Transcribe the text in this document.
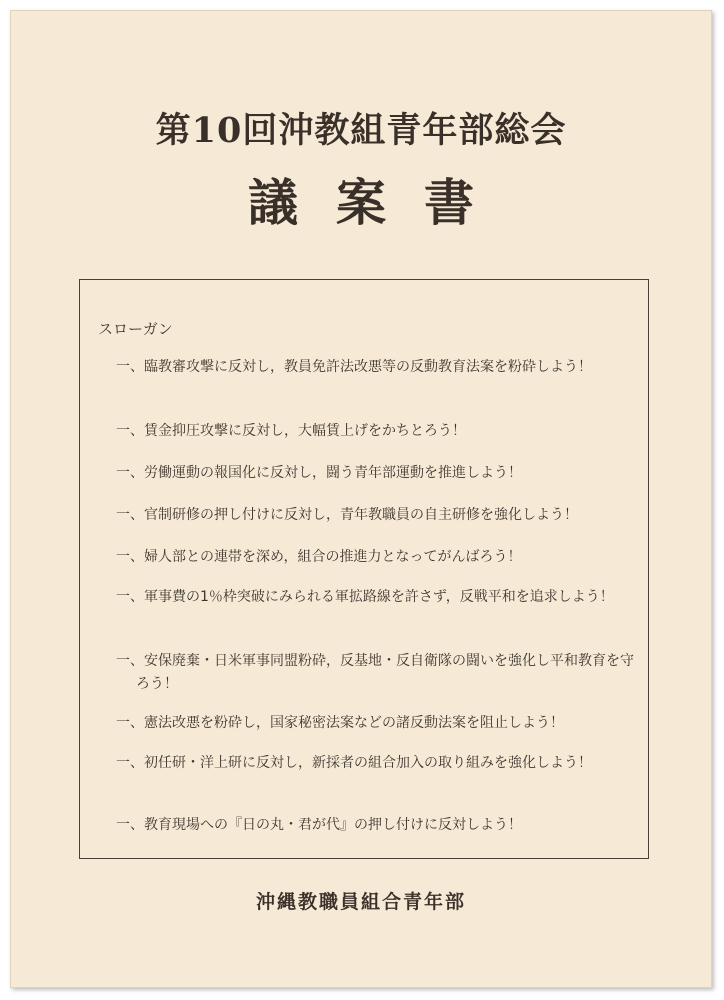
第10回沖教組青年部総会
議案書
スローガン
一、臨教審攻撃に反対し，教員免許法改悪等の反動教育法案を粉砕しよう！
一、賃金抑圧攻撃に反対し，大幅賃上げをかちとろう！
一、労働運動の報国化に反対し，闘う青年部運動を推進しよう！
一、官制研修の押し付けに反対し，青年教職員の自主研修を強化しよう！
一、婦人部との連帯を深め，組合の推進力となってがんばろう！
一、軍事費の1％枠突破にみられる軍拡路線を許さず，反戦平和を追求しよう！
一、安保廃棄・日米軍事同盟粉砕，反基地・反自衛隊の闘いを強化し平和教育を守ろう！
一、憲法改悪を粉砕し，国家秘密法案などの諸反動法案を阻止しよう！
一、初任研・洋上研に反対し，新採者の組合加入の取り組みを強化しよう！
一、教育現場への『日の丸・君が代』の押し付けに反対しよう！
沖縄教職員組合青年部
